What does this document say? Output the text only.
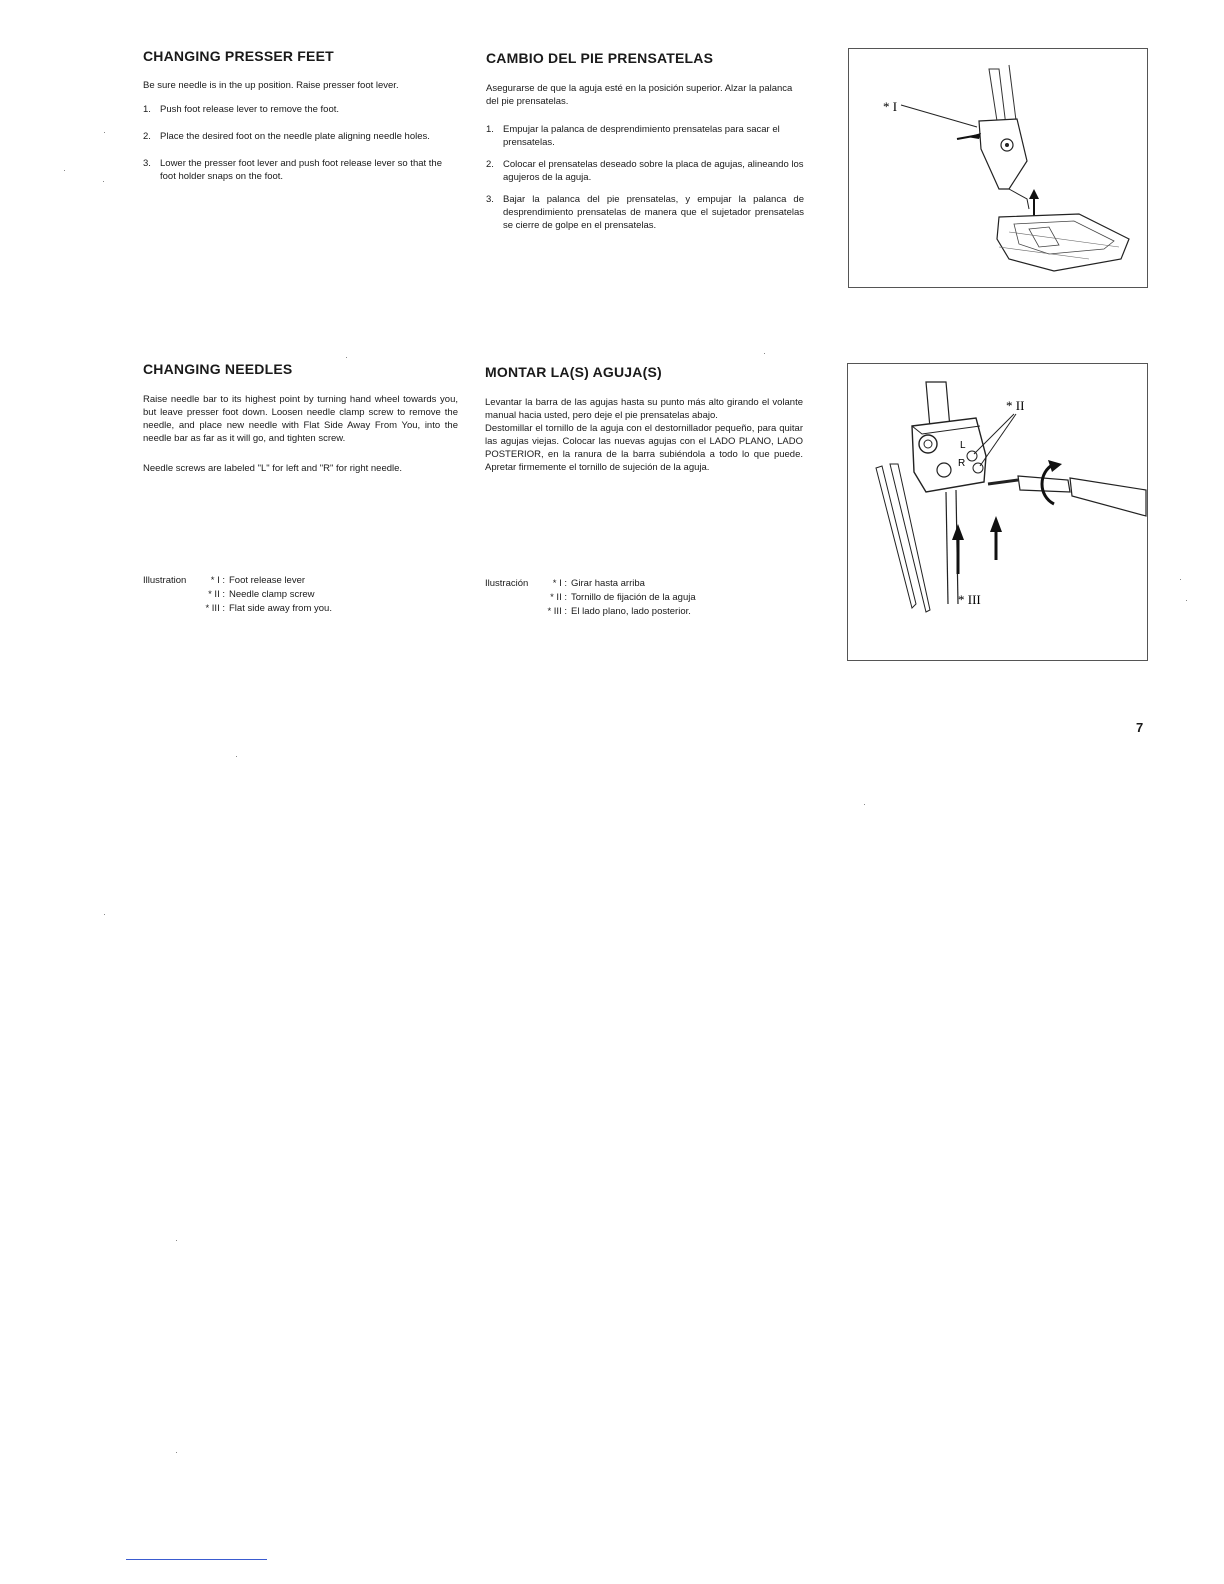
CHANGING PRESSER FEET

Be sure needle is in the up position. Raise presser foot lever.

1. Push foot release lever to remove the foot.
2. Place the desired foot on the needle plate aligning needle holes.
3. Lower the presser foot lever and push foot release lever so that the foot holder snaps on the foot.
CAMBIO DEL PIE PRENSATELAS

Asegurarse de que la aguja esté en la posición superior. Alzar la palanca del pie prensatelas.

1. Empujar la palanca de desprendimiento prensatelas para sacar el prensatelas.
2. Colocar el prensatelas deseado sobre la placa de agujas, alineando los agujeros de la aguja.
3. Bajar la palanca del pie prensatelas, y empujar la palanca de desprendimiento prensatelas de manera que el sujetador prensatelas se cierre de golpe en el prensatelas.
* I
CHANGING NEEDLES

Raise needle bar to its highest point by turning hand wheel towards you, but leave presser foot down. Loosen needle clamp screw to remove the needle, and place new needle with Flat Side Away From You, into the needle bar as far as it will go, and tighten screw.

Needle screws are labeled "L" for left and "R" for right needle.

MONTAR LA(S) AGUJA(S)

Levantar la barra de las agujas hasta su punto más alto girando el volante manual hacia usted, pero deje el pie prensatelas abajo.

Destomillar el tornillo de la aguja con el destornillador pequeño, para quitar las agujas viejas. Colocar las nuevas agujas con el LADO PLANO, LADO POSTERIOR, en la ranura de la barra subiéndola a todo lo que puede. Apretar firmemente el tornillo de sujeción de la aguja.

Illustration	* I : Foot release lever
* II : Needle clamp screw
* III : Flat side away from you.
Ilustración	* I : Girar hasta arriba
* II : Tornillo de fijación de la aguja
* III : El lado plano, lado posterior.
L
R
* II
* III
7
